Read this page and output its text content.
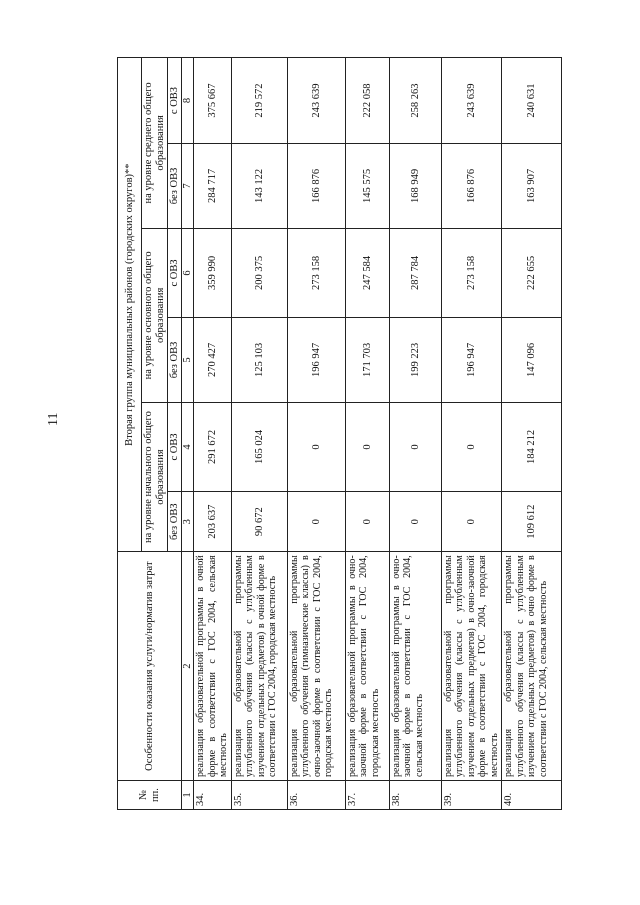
11
№ пп.	Особенности оказания услуги/норматив затрат	Вторая группа муниципальных районов (городских округов)**					
		на уровне начального общего образования		на уровне основного общего образования		на уровне среднего общего образования	
		без ОВЗ	с ОВЗ	без ОВЗ	с ОВЗ	без ОВЗ	с ОВЗ
1	2	3	4	5	6	7	8
34.	реализация образовательной программы в очной форме в соответствии с ГОС 2004, сельская местность	203 637	291 672	270 427	359 990	284 717	375 667
35.	реализация образовательной программы углубленного обучения (классы с углубленным изучением отдельных предметов) в очной форме в соответствии с ГОС 2004, городская местность	90 672	165 024	125 103	200 375	143 122	219 572
36.	реализация образовательной программы углубленного обучения (гимназические классы) в очно-заочной форме в соответствии с ГОС 2004, городская местность	0	0	196 947	273 158	166 876	243 639
37.	реализация образовательной программы в очно-заочной форме в соответствии с ГОС 2004, городская местность	0	0	171 703	247 584	145 575	222 058
38.	реализация образовательной программы в очно-заочной форме в соответствии с ГОС 2004, сельская местность	0	0	199 223	287 784	168 949	258 263
39.	реализация образовательной программы углубленного обучения (классы с углубленным изучением отдельных предметов) в очно-заочной форме в соответствии с ГОС 2004, городская местность	0	0	196 947	273 158	166 876	243 639
40.	реализация образовательной программы углубленного обучения (классы с углубленным изучением отдельных предметов) в очно форме в соответствии с ГОС 2004, сельская местность	109 612	184 212	147 096	222 655	163 907	240 631
